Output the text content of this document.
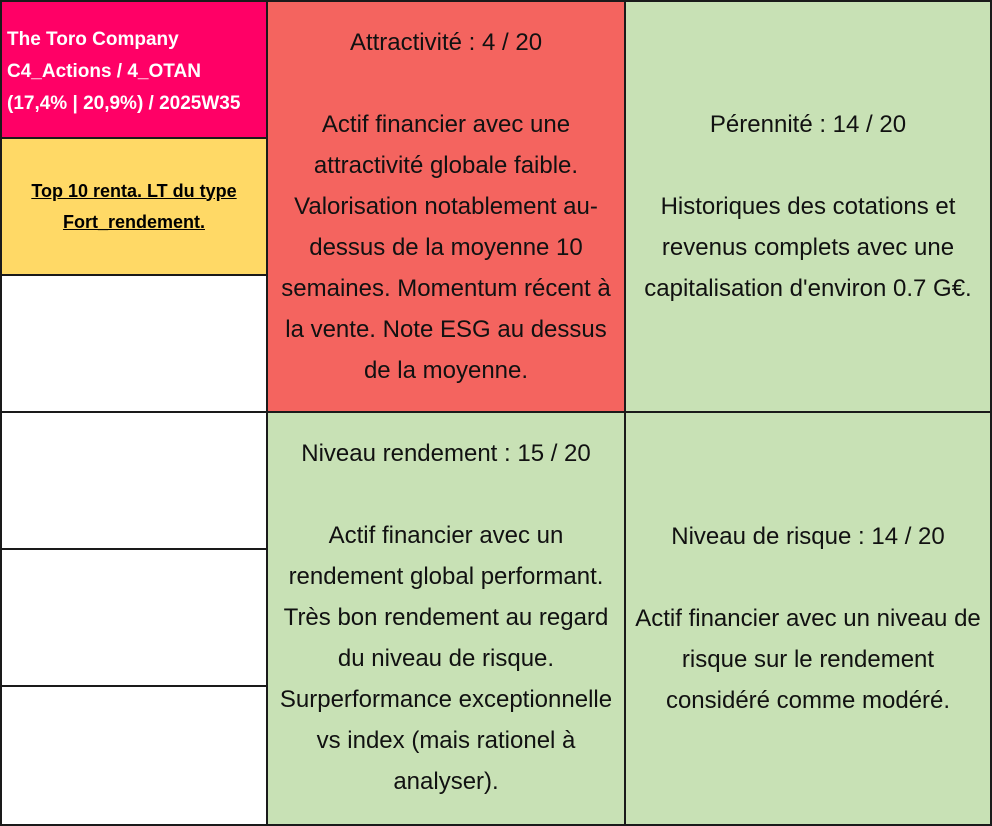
The Toro Company
C4_Actions / 4_OTAN
(17,4% | 20,9%) / 2025W35
Top 10 renta. LT du type
Fort_rendement.
Attractivité : 4 / 20
Actif financier avec une
attractivité globale faible.
Valorisation notablement au-
dessus de la moyenne 10
semaines. Momentum récent à
la vente. Note ESG au dessus
de la moyenne.
Pérennité : 14 / 20
Historiques des cotations et
revenus complets avec une
capitalisation d'environ 0.7 G€.
Niveau rendement : 15 / 20
Actif financier avec un
rendement global performant.
Très bon rendement au regard
du niveau de risque.
Surperformance exceptionnelle
vs index (mais rationel à
analyser).
Niveau de risque : 14 / 20
Actif financier avec un niveau de
risque sur le rendement
considéré comme modéré.
